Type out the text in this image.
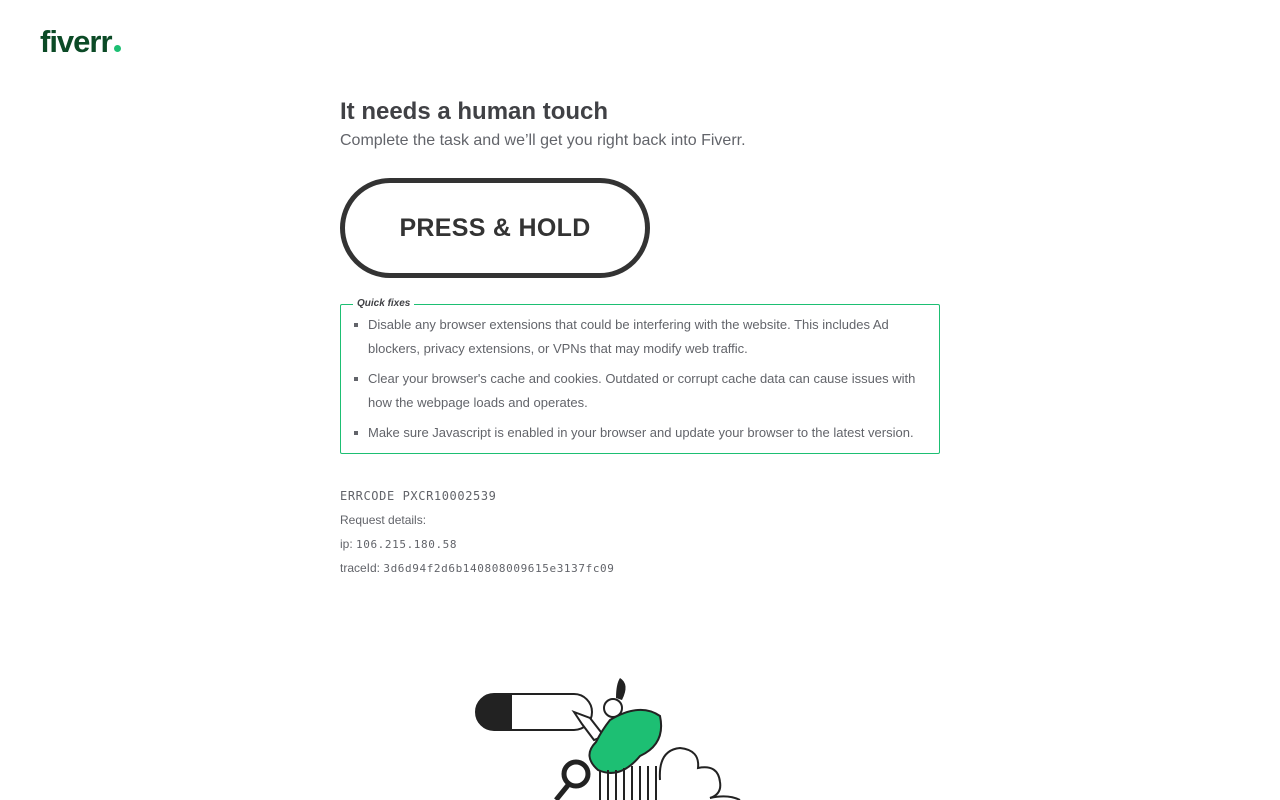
fiverr
It needs a human touch
Complete the task and we’ll get you right back into Fiverr.
PRESS & HOLD
Quick fixes
Disable any browser extensions that could be interfering with the website. This includes Ad blockers, privacy extensions, or VPNs that may modify web traffic.
Clear your browser's cache and cookies. Outdated or corrupt cache data can cause issues with how the webpage loads and operates.
Make sure Javascript is enabled in your browser and update your browser to the latest version.
ERRCODE PXCR10002539
Request details:
ip: 106.215.180.58
traceId: 3d6d94f2d6b140808009615e3137fc09
